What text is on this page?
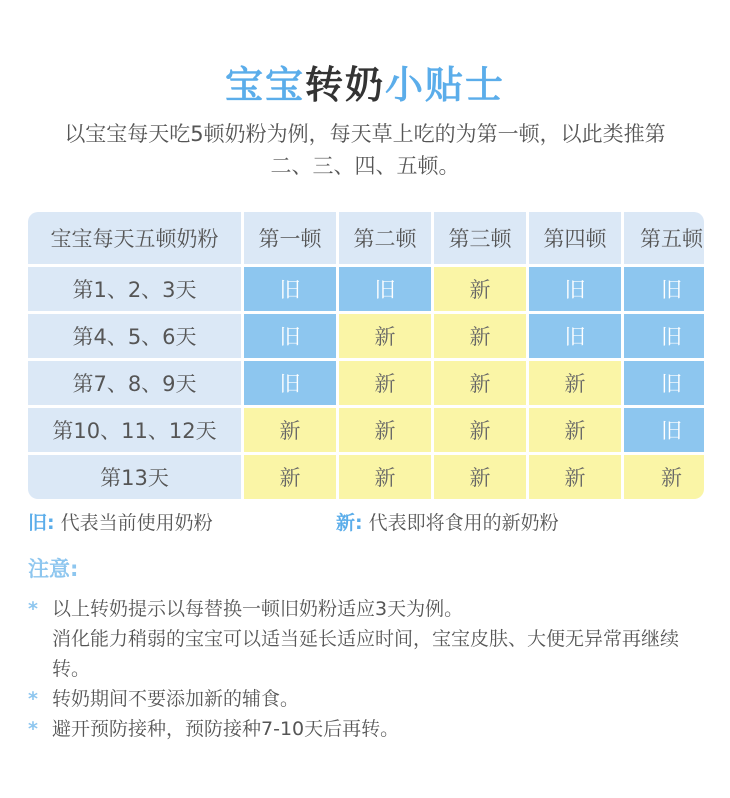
宝宝转奶小贴士
以宝宝每天吃5顿奶粉为例，每天草上吃的为第一顿，以此类推第二、三、四、五顿。
宝宝每天五顿奶粉	第一顿	第二顿	第三顿	第四顿	第五顿
第1、2、3天	旧	旧	新	旧	旧
第4、5、6天	旧	新	新	旧	旧
第7、8、9天	旧	新	新	新	旧
第10、11、12天	新	新	新	新	旧
第13天	新	新	新	新	新
旧: 代表当前使用奶粉	新: 代表即将食用的新奶粉
注意:
* 以上转奶提示以每替换一顿旧奶粉适应3天为例。
消化能力稍弱的宝宝可以适当延长适应时间，宝宝皮肤、大便无异常再继续转。
* 转奶期间不要添加新的辅食。
* 避开预防接种，预防接种7-10天后再转。
